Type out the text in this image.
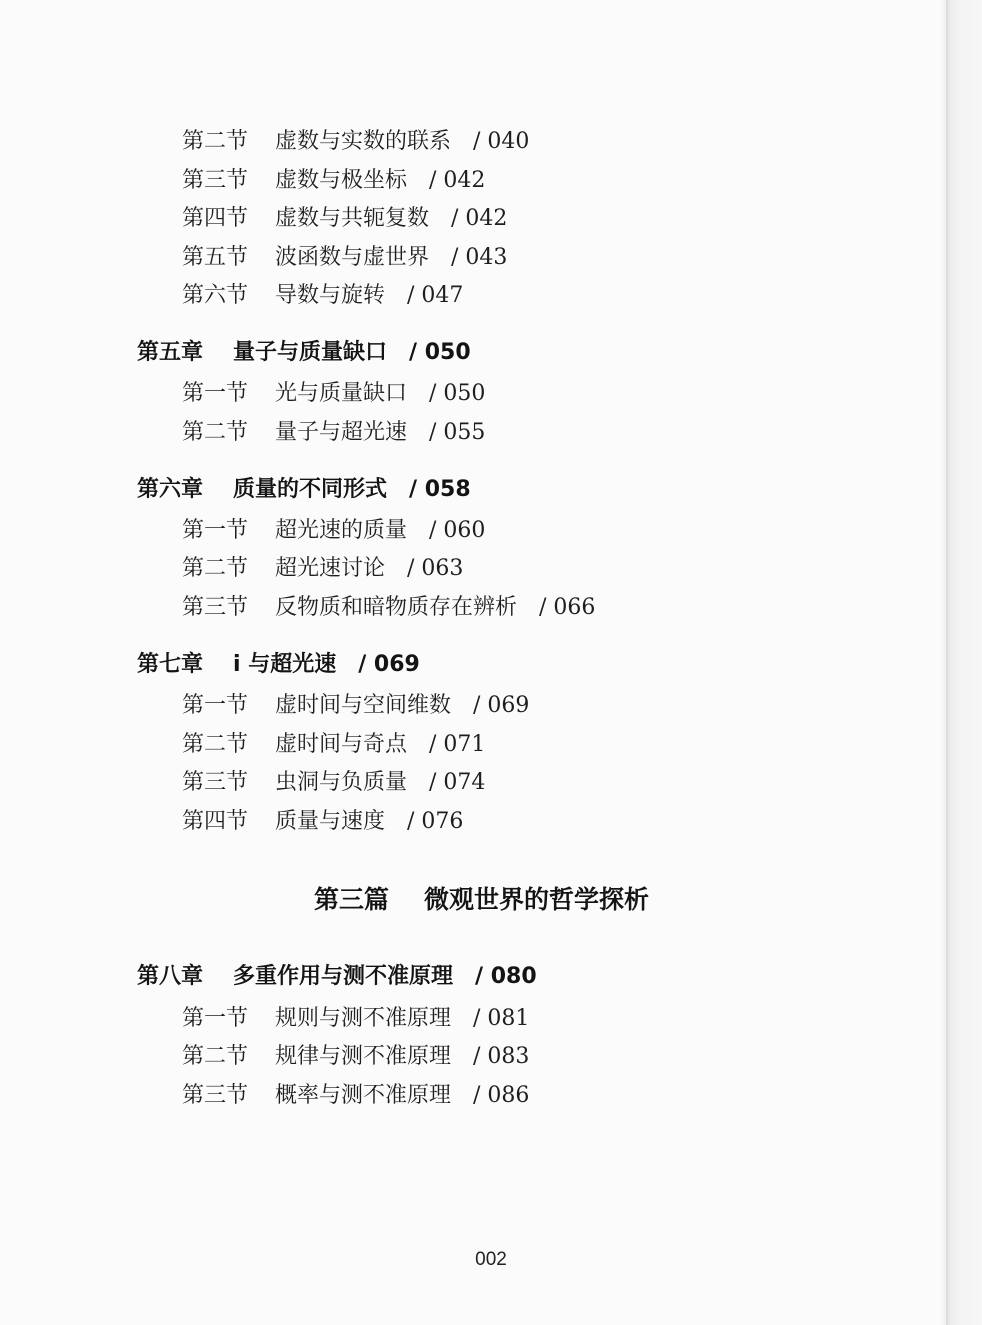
第二节 虚数与实数的联系 / 040
第三节 虚数与极坐标 / 042
第四节 虚数与共轭复数 / 042
第五节 波函数与虚世界 / 043
第六节 导数与旋转 / 047
第五章 量子与质量缺口 / 050
第一节 光与质量缺口 / 050
第二节 量子与超光速 / 055
第六章 质量的不同形式 / 058
第一节 超光速的质量 / 060
第二节 超光速讨论 / 063
第三节 反物质和暗物质存在辨析 / 066
第七章 i 与超光速 / 069
第一节 虚时间与空间维数 / 069
第二节 虚时间与奇点 / 071
第三节 虫洞与负质量 / 074
第四节 质量与速度 / 076
第三篇 微观世界的哲学探析
第八章 多重作用与测不准原理 / 080
第一节 规则与测不准原理 / 081
第二节 规律与测不准原理 / 083
第三节 概率与测不准原理 / 086
002
